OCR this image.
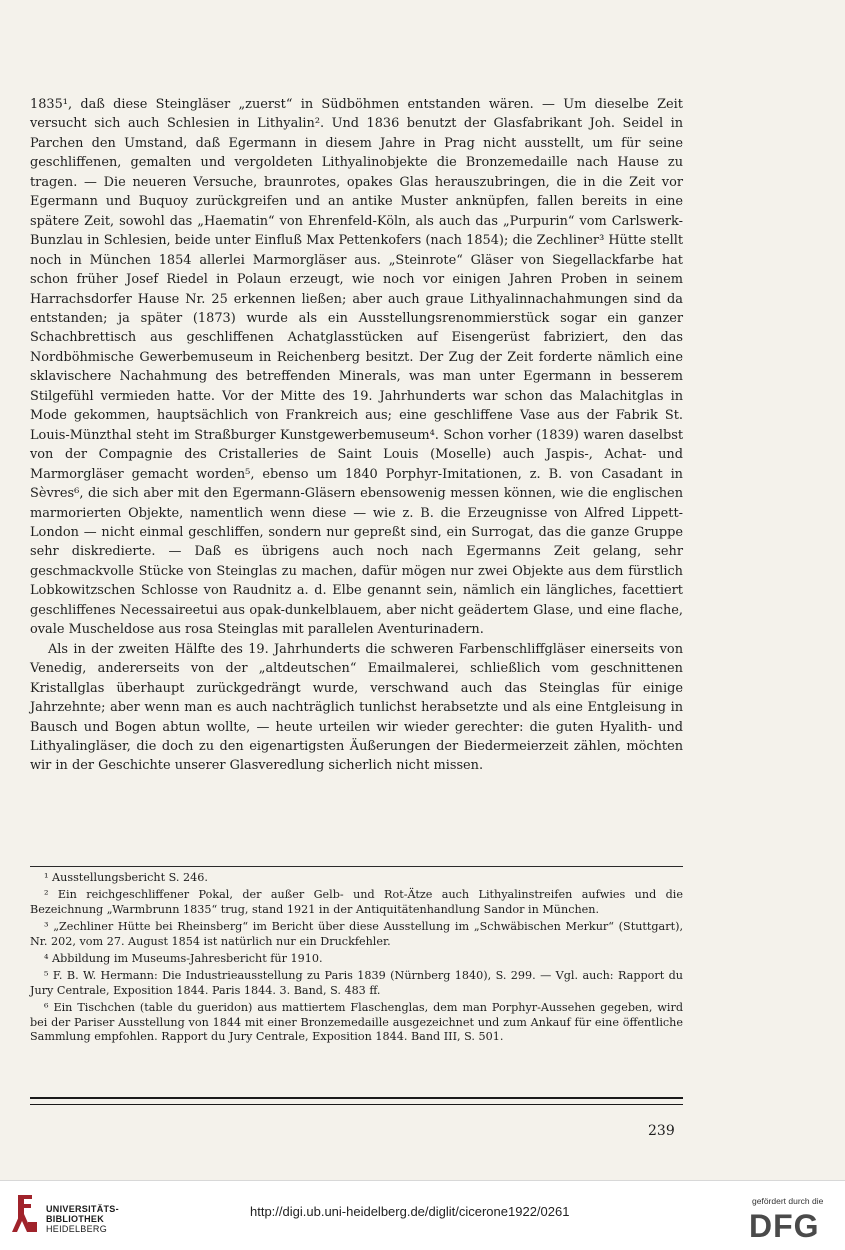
1835¹, daß diese Steingläser „zuerst“ in Südböhmen entstanden wären. — Um dieselbe Zeit versucht sich auch Schlesien in Lithyalin². Und 1836 benutzt der Glasfabrikant Joh. Seidel in Parchen den Umstand, daß Egermann in diesem Jahre in Prag nicht ausstellt, um für seine geschliffenen, gemalten und vergoldeten Lithyalinobjekte die Bronzemedaille nach Hause zu tragen. — Die neueren Versuche, braunrotes, opakes Glas herauszubringen, die in die Zeit vor Egermann und Buquoy zurückgreifen und an antike Muster anknüpfen, fallen bereits in eine spätere Zeit, sowohl das „Haematin“ von Ehrenfeld-Köln, als auch das „Purpurin“ vom Carlswerk-Bunzlau in Schlesien, beide unter Einfluß Max Pettenkofers (nach 1854); die Zechliner³ Hütte stellt noch in München 1854 allerlei Marmorgläser aus. „Steinrote“ Gläser von Siegellackfarbe hat schon früher Josef Riedel in Polaun erzeugt, wie noch vor einigen Jahren Proben in seinem Harrachsdorfer Hause Nr. 25 erkennen ließen; aber auch graue Lithyalinnachahmungen sind da entstanden; ja später (1873) wurde als ein Ausstellungsrenommierstück sogar ein ganzer Schachbrettisch aus geschliffenen Achatglasstücken auf Eisengerüst fabriziert, den das Nordböhmische Gewerbemuseum in Reichenberg besitzt. Der Zug der Zeit forderte nämlich eine sklavischere Nachahmung des betreffenden Minerals, was man unter Egermann in besserem Stilgefühl vermieden hatte. Vor der Mitte des 19. Jahrhunderts war schon das Malachitglas in Mode gekommen, hauptsächlich von Frankreich aus; eine geschliffene Vase aus der Fabrik St. Louis-Münzthal steht im Straßburger Kunstgewerbemuseum⁴. Schon vorher (1839) waren daselbst von der Compagnie des Cristalleries de Saint Louis (Moselle) auch Jaspis-, Achat- und Marmorgläser gemacht worden⁵, ebenso um 1840 Porphyr-Imitationen, z. B. von Casadant in Sèvres⁶, die sich aber mit den Egermann-Gläsern ebensowenig messen können, wie die englischen marmorierten Objekte, namentlich wenn diese — wie z. B. die Erzeugnisse von Alfred Lippett-London — nicht einmal geschliffen, sondern nur gepreßt sind, ein Surrogat, das die ganze Gruppe sehr diskredierte. — Daß es übrigens auch noch nach Egermanns Zeit gelang, sehr geschmackvolle Stücke von Steinglas zu machen, dafür mögen nur zwei Objekte aus dem fürstlich Lobkowitzschen Schlosse von Raudnitz a. d. Elbe genannt sein, nämlich ein längliches, facettiert geschliffenes Necessaireetui aus opak-dunkelblauem, aber nicht geädertem Glase, und eine flache, ovale Muscheldose aus rosa Steinglas mit parallelen Aventurinadern.

Als in der zweiten Hälfte des 19. Jahrhunderts die schweren Farbenschliffgläser einerseits von Venedig, andererseits von der „altdeutschen“ Emailmalerei, schließlich vom geschnittenen Kristallglas überhaupt zurückgedrängt wurde, verschwand auch das Steinglas für einige Jahrzehnte; aber wenn man es auch nachträglich tunlichst herabsetzte und als eine Entgleisung in Bausch und Bogen abtun wollte, — heute urteilen wir wieder gerechter: die guten Hyalith- und Lithyalingläser, die doch zu den eigenartigsten Äußerungen der Biedermeierzeit zählen, möchten wir in der Geschichte unserer Glasveredlung sicherlich nicht missen.

¹ Ausstellungsbericht S. 246.

² Ein reichgeschliffener Pokal, der außer Gelb- und Rot-Ätze auch Lithyalinstreifen aufwies und die Bezeichnung „Warmbrunn 1835“ trug, stand 1921 in der Antiquitätenhandlung Sandor in München.

³ „Zechliner Hütte bei Rheinsberg“ im Bericht über diese Ausstellung im „Schwäbischen Merkur“ (Stuttgart), Nr. 202, vom 27. August 1854 ist natürlich nur ein Druckfehler.

⁴ Abbildung im Museums-Jahresbericht für 1910.

⁵ F. B. W. Hermann: Die Industrieausstellung zu Paris 1839 (Nürnberg 1840), S. 299. — Vgl. auch: Rapport du Jury Centrale, Exposition 1844. Paris 1844. 3. Band, S. 483 ff.

⁶ Ein Tischchen (table du gueridon) aus mattiertem Flaschenglas, dem man Porphyr-Aussehen gegeben, wird bei der Pariser Ausstellung von 1844 mit einer Bronzemedaille ausgezeichnet und zum Ankauf für eine öffentliche Sammlung empfohlen. Rapport du Jury Centrale, Exposition 1844. Band III, S. 501.

239
UNIVERSITÄTS-
BIBLIOTHEK
HEIDELBERG
http://digi.ub.uni-heidelberg.de/diglit/cicerone1922/0261
gefördert durch die
DFG
